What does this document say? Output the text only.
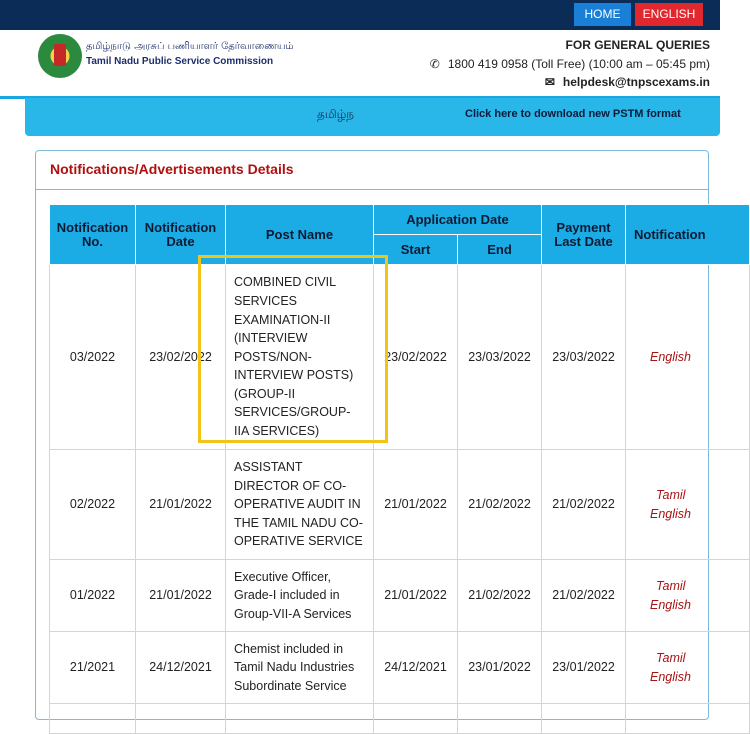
HOME	ENGLISH
தமிழ்நாடு அரசுப் பணியாளர் தேர்வாணையம்
Tamil Nadu Public Service Commission
FOR GENERAL QUERIES
✆ 1800 419 0958 (Toll Free) (10:00 am – 05:45 pm)
✉ helpdesk@tnpscexams.in
தமிழ்ந	Click here to download new PSTM format
Notifications/Advertisements Details
Notification No.	Notification Date	Post Name	Application Date		Payment Last Date	Notification
			Start	End		
03/2022	23/02/2022	COMBINED CIVIL SERVICES EXAMINATION-II (INTERVIEW POSTS/NON-INTERVIEW POSTS) (GROUP-II SERVICES/GROUP-IIA SERVICES)	23/02/2022	23/03/2022	23/03/2022	English

02/2022	21/01/2022	ASSISTANT DIRECTOR OF CO-OPERATIVE AUDIT IN THE TAMIL NADU CO-OPERATIVE SERVICE	21/01/2022	21/02/2022	21/02/2022	Tamil
English

01/2022	21/01/2022	Executive Officer, Grade-I included in Group-VII-A Services	21/01/2022	21/02/2022	21/02/2022	Tamil
English

21/2021	24/12/2021	Chemist included in Tamil Nadu Industries Subordinate Service	24/12/2021	23/01/2022	23/01/2022	Tamil
English
